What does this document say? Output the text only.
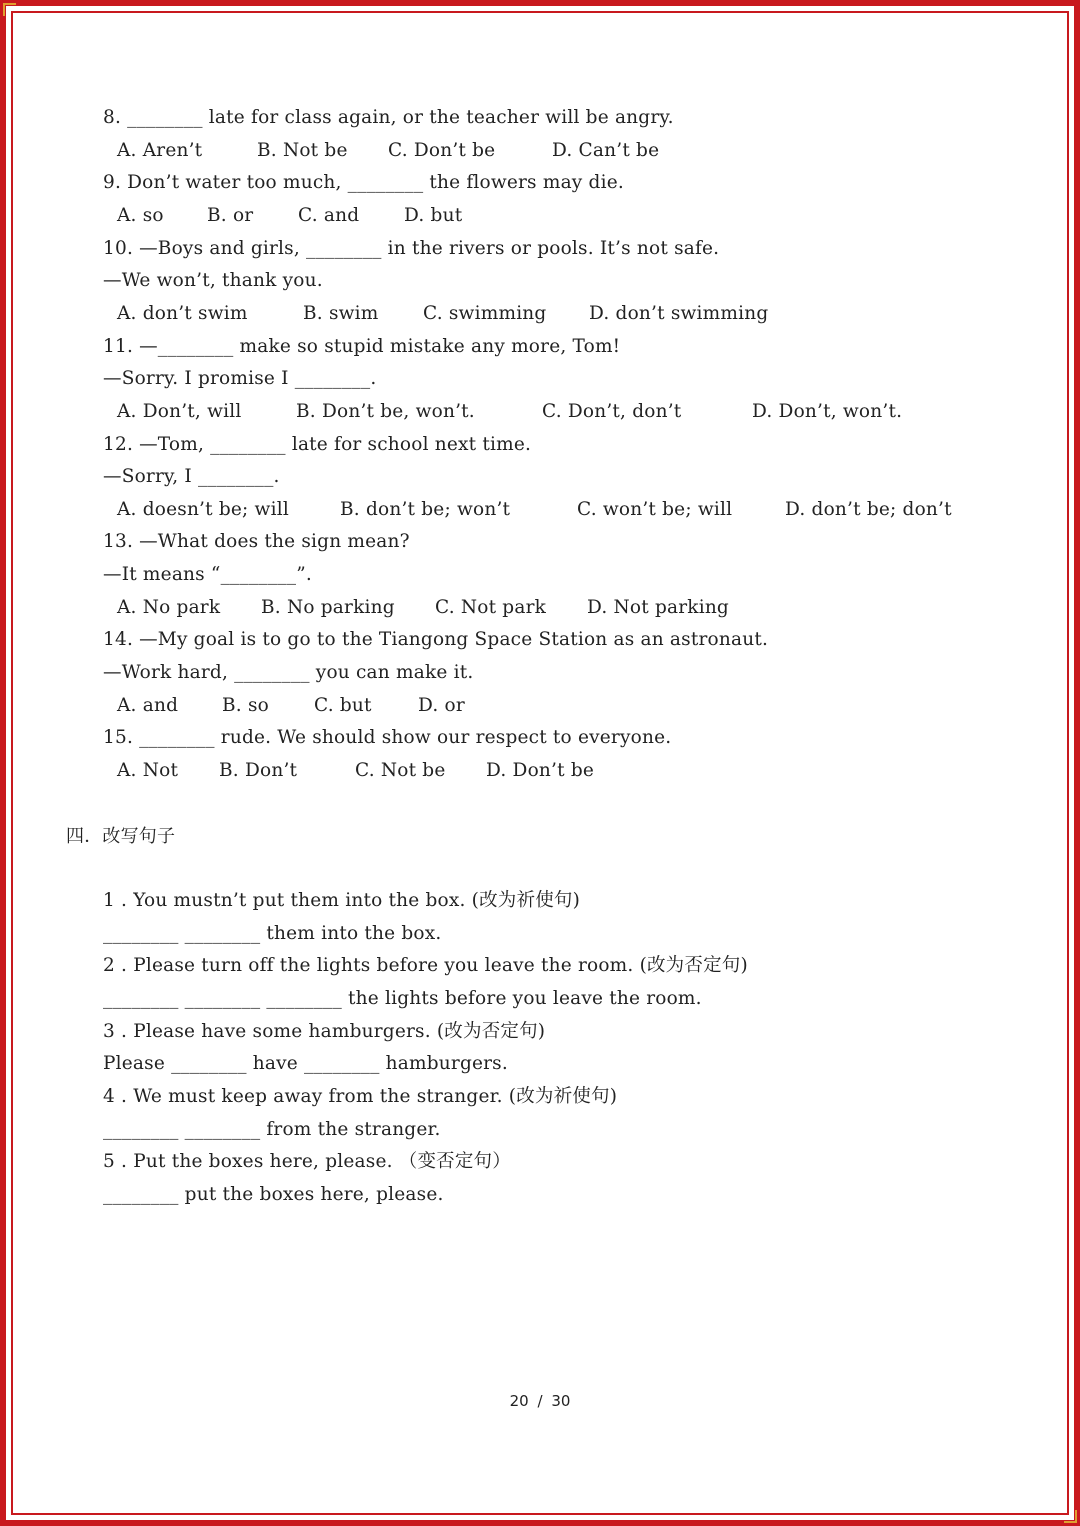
8. ________ late for class again, or the teacher will be angry.
A. Aren’t	B. Not be C. Don’t be	D. Can’t be
9. Don’t water too much, ________ the flowers may die.
A. so B. or C. and D. but
10. —Boys and girls, ________ in the rivers or pools. It’s not safe.
—We won’t, thank you.
A. don’t swim	B. swim C. swimming D. don’t swimming
11. —________ make so stupid mistake any more, Tom!
—Sorry. I promise I ________.
A. Don’t, will	B. Don’t be, won’t.	C. Don’t, don’t	D. Don’t, won’t.
12. —Tom, ________ late for school next time.
—Sorry, I ________.
A. doesn’t be; will	B. don’t be; won’t	C. won’t be; will	D. don’t be; don’t
13. —What does the sign mean?
—It means “________”.
A. No park B. No parking C. Not park D. Not parking
14. —My goal is to go to the Tiangong Space Station as an astronaut.
—Work hard, ________ you can make it.
A. and B. so C. but	D. or
15. ________ rude. We should show our respect to everyone.
A. Not B. Don’t	C. Not be D. Don’t be
四．改写句子
1 . You mustn’t put them into the box. (改为祈使句)
________ ________ them into the box.
2 . Please turn off the lights before you leave the room. (改为否定句)
________ ________ ________ the lights before you leave the room.
3 . Please have some hamburgers. (改为否定句)
Please ________ have ________ hamburgers.
4 . We must keep away from the stranger. (改为祈使句)
________ ________ from the stranger.
5 . Put the boxes here, please. （变否定句）
________ put the boxes here, please.
20 / 30
